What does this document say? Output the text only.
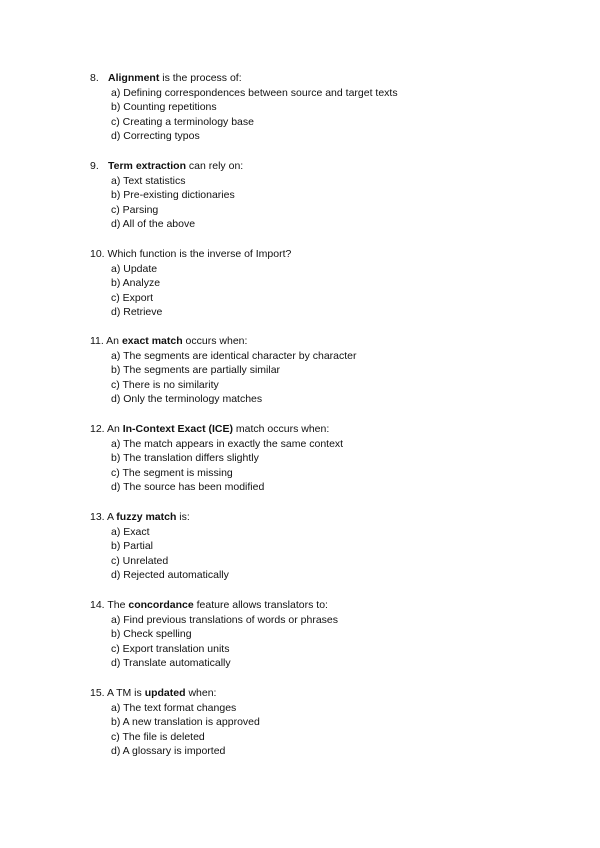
8. Alignment is the process of:
a) Defining correspondences between source and target texts
b) Counting repetitions
c) Creating a terminology base
d) Correcting typos
9. Term extraction can rely on:
a) Text statistics
b) Pre-existing dictionaries
c) Parsing
d) All of the above
10. Which function is the inverse of Import?
a) Update
b) Analyze
c) Export
d) Retrieve
11. An exact match occurs when:
a) The segments are identical character by character
b) The segments are partially similar
c) There is no similarity
d) Only the terminology matches
12. An In-Context Exact (ICE) match occurs when:
a) The match appears in exactly the same context
b) The translation differs slightly
c) The segment is missing
d) The source has been modified
13. A fuzzy match is:
a) Exact
b) Partial
c) Unrelated
d) Rejected automatically
14. The concordance feature allows translators to:
a) Find previous translations of words or phrases
b) Check spelling
c) Export translation units
d) Translate automatically
15. A TM is updated when:
a) The text format changes
b) A new translation is approved
c) The file is deleted
d) A glossary is imported
